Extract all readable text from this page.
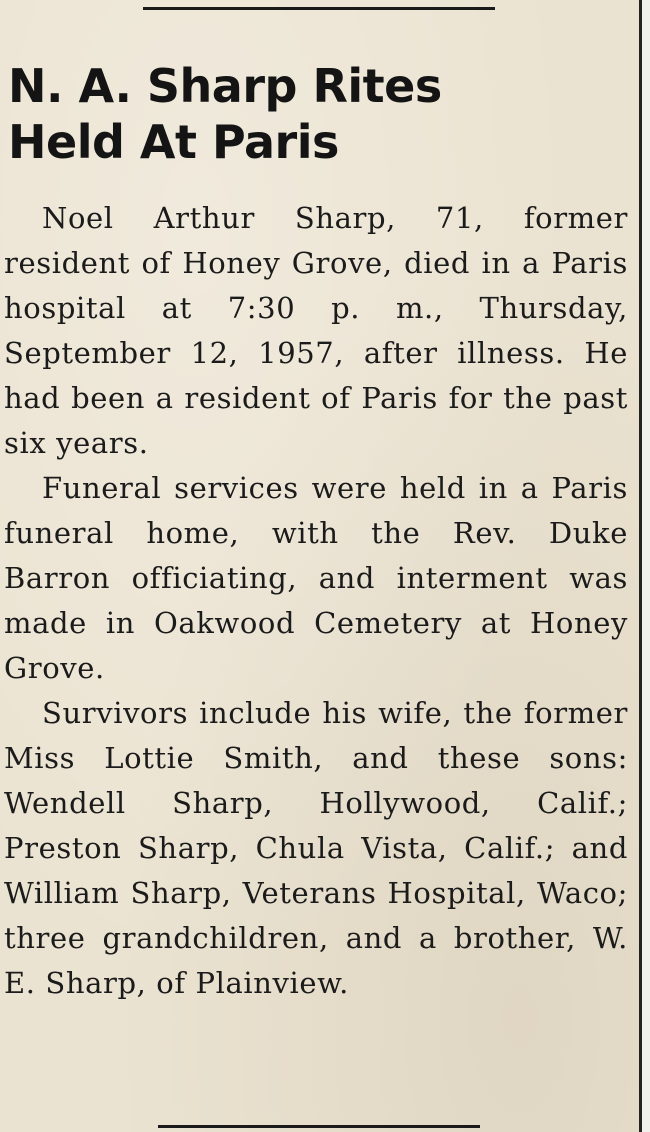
N. A. Sharp Rites
Held At Paris

Noel Arthur Sharp, 71, former resident of Honey Grove, died in a Paris hospital at 7:30 p. m., Thursday, September 12, 1957, after illness. He had been a resident of Paris for the past six years.

Funeral services were held in a Paris funeral home, with the Rev. Duke Barron officiating, and interment was made in Oakwood Cemetery at Honey Grove.

Survivors include his wife, the former Miss Lottie Smith, and these sons: Wendell Sharp, Hollywood, Calif.; Preston Sharp, Chula Vista, Calif.; and William Sharp, Veterans Hospital, Waco; three grandchildren, and a brother, W. E. Sharp, of Plainview.
